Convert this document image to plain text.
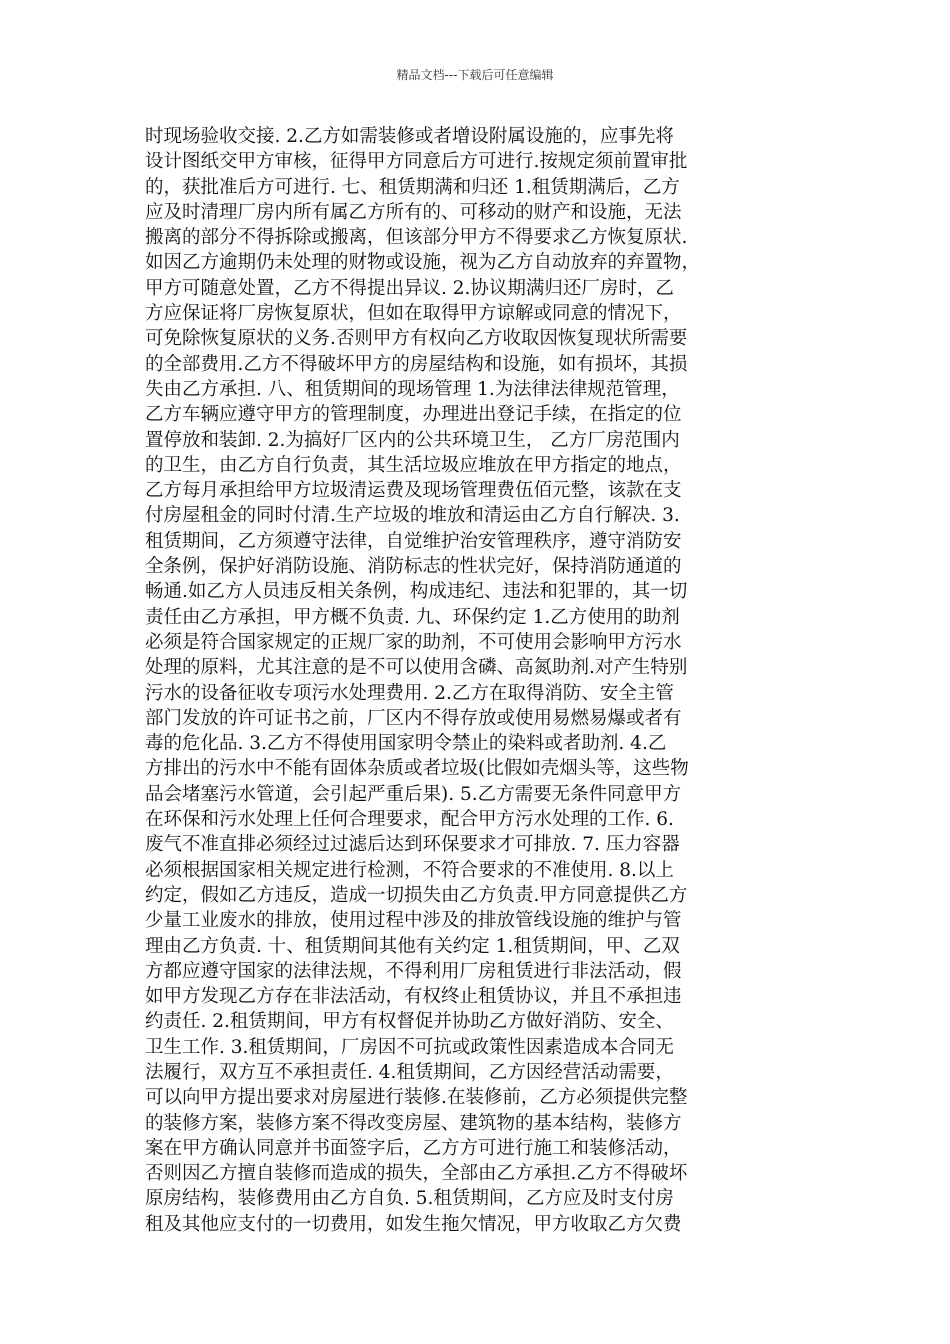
精品文档---下载后可任意编辑
时现场验收交接. 2.乙方如需装修或者增设附属设施的，应事先将
设计图纸交甲方审核，征得甲方同意后方可进行.按规定须前置审批
的，获批准后方可进行. 七、租赁期满和归还 1.租赁期满后，乙方
应及时清理厂房内所有属乙方所有的、可移动的财产和设施，无法
搬离的部分不得拆除或搬离，但该部分甲方不得要求乙方恢复原状.
如因乙方逾期仍未处理的财物或设施，视为乙方自动放弃的弃置物，
甲方可随意处置，乙方不得提出异议. 2.协议期满归还厂房时，乙
方应保证将厂房恢复原状，但如在取得甲方谅解或同意的情况下，
可免除恢复原状的义务.否则甲方有权向乙方收取因恢复现状所需要
的全部费用.乙方不得破坏甲方的房屋结构和设施，如有损坏，其损
失由乙方承担. 八、租赁期间的现场管理 1.为法律法律规范管理，
乙方车辆应遵守甲方的管理制度，办理进出登记手续，在指定的位
置停放和装卸. 2.为搞好厂区内的公共环境卫生， 乙方厂房范围内
的卫生，由乙方自行负责，其生活垃圾应堆放在甲方指定的地点，
乙方每月承担给甲方垃圾清运费及现场管理费伍佰元整，该款在支
付房屋租金的同时付清.生产垃圾的堆放和清运由乙方自行解决. 3.
租赁期间，乙方须遵守法律，自觉维护治安管理秩序，遵守消防安
全条例，保护好消防设施、消防标志的性状完好，保持消防通道的
畅通.如乙方人员违反相关条例，构成违纪、违法和犯罪的，其一切
责任由乙方承担，甲方概不负责. 九、环保约定 1.乙方使用的助剂
必须是符合国家规定的正规厂家的助剂，不可使用会影响甲方污水
处理的原料，尤其注意的是不可以使用含磷、高氮助剂.对产生特别
污水的设备征收专项污水处理费用. 2.乙方在取得消防、安全主管
部门发放的许可证书之前，厂区内不得存放或使用易燃易爆或者有
毒的危化品. 3.乙方不得使用国家明令禁止的染料或者助剂. 4.乙
方排出的污水中不能有固体杂质或者垃圾(比假如壳烟头等，这些物
品会堵塞污水管道，会引起严重后果). 5.乙方需要无条件同意甲方
在环保和污水处理上任何合理要求，配合甲方污水处理的工作. 6.
废气不准直排必须经过过滤后达到环保要求才可排放. 7. 压力容器
必须根据国家相关规定进行检测，不符合要求的不准使用. 8.以上
约定，假如乙方违反，造成一切损失由乙方负责.甲方同意提供乙方
少量工业废水的排放，使用过程中涉及的排放管线设施的维护与管
理由乙方负责. 十、租赁期间其他有关约定 1.租赁期间，甲、乙双
方都应遵守国家的法律法规，不得利用厂房租赁进行非法活动，假
如甲方发现乙方存在非法活动，有权终止租赁协议，并且不承担违
约责任. 2.租赁期间，甲方有权督促并协助乙方做好消防、安全、
卫生工作. 3.租赁期间，厂房因不可抗或政策性因素造成本合同无
法履行，双方互不承担责任. 4.租赁期间，乙方因经营活动需要，
可以向甲方提出要求对房屋进行装修.在装修前，乙方必须提供完整
的装修方案，装修方案不得改变房屋、建筑物的基本结构，装修方
案在甲方确认同意并书面签字后，乙方方可进行施工和装修活动，
否则因乙方擅自装修而造成的损失，全部由乙方承担.乙方不得破坏
原房结构，装修费用由乙方自负. 5.租赁期间，乙方应及时支付房
租及其他应支付的一切费用，如发生拖欠情况，甲方收取乙方欠费
